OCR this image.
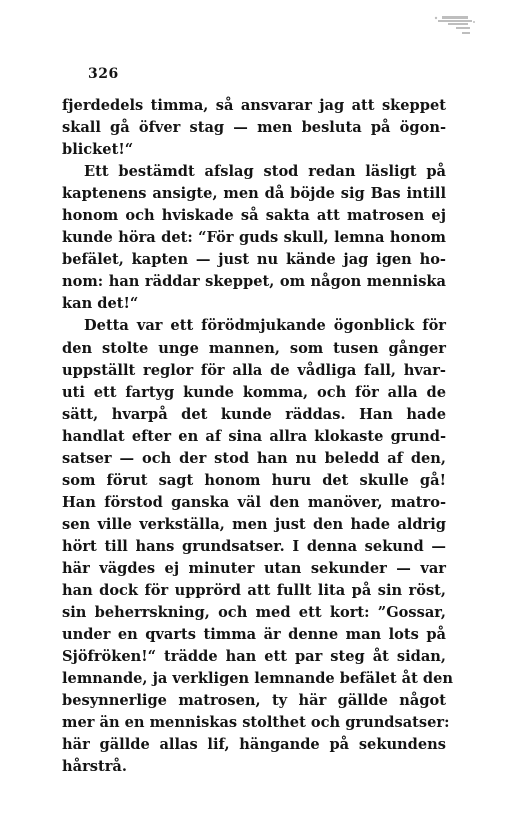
326
fjerdedels timma, så ansvarar jag att skeppet
skall gå öfver stag — men besluta på ögon-
blicket!“
Ett bestämdt afslag stod redan läsligt på
kaptenens ansigte, men då böjde sig Bas intill
honom och hviskade så sakta att matrosen ej
kunde höra det: “För guds skull, lemna honom
befälet, kapten — just nu kände jag igen ho-
nom: han räddar skeppet, om någon menniska
kan det!“
Detta var ett förödmjukande ögonblick för
den stolte unge mannen, som tusen gånger
uppställt reglor för alla de vådliga fall, hvar-
uti ett fartyg kunde komma, och för alla de
sätt, hvarpå det kunde räddas. Han hade
handlat efter en af sina allra klokaste grund-
satser — och der stod han nu beledd af den,
som förut sagt honom huru det skulle gå!
Han förstod ganska väl den manöver, matro-
sen ville verkställa, men just den hade aldrig
hört till hans grundsatser. I denna sekund —
här vägdes ej minuter utan sekunder — var
han dock för upprörd att fullt lita på sin röst,
sin beherrskning, och med ett kort: ”Gossar,
under en qvarts timma är denne man lots på
Sjöfröken!“ trädde han ett par steg åt sidan,
lemnande, ja verkligen lemnande befälet åt den
besynnerlige matrosen, ty här gällde något
mer än en menniskas stolthet och grundsatser:
här gällde allas lif, hängande på sekundens
hårstrå.
